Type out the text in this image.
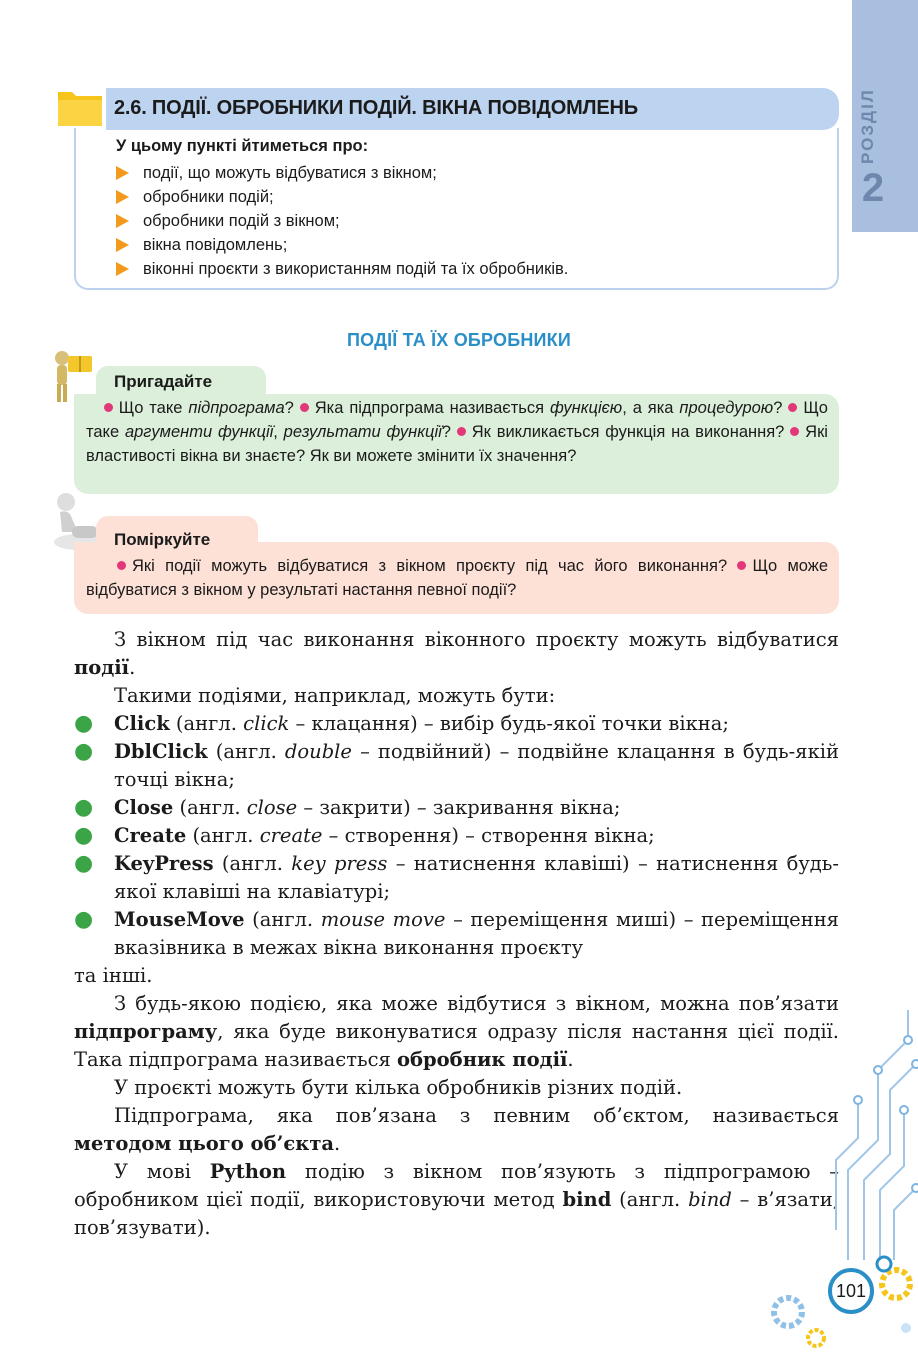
РОЗДІЛ
2
2.6. ПОДІЇ. ОБРОБНИКИ ПОДІЙ. ВІКНА ПОВІДОМЛЕНЬ
У цьому пункті йтиметься про:
події, що можуть відбуватися з вікном;
обробники подій;
обробники подій з вікном;
вікна повідомлень;
віконні проєкти з використанням подій та їх обробників.
ПОДІЇ ТА ЇХ ОБРОБНИКИ
Пригадайте
Що таке підпрограма? Яка підпрограма називається функцією, а яка процедурою? Що таке аргументи функції, результати функції? Як викликається функція на виконання? Які властивості вікна ви знаєте? Як ви можете змінити їх значення?
Поміркуйте
Які події можуть відбуватися з вікном проєкту під час його виконання? Що може відбуватися з вікном у результаті настання певної події?
З вікном під час виконання віконного проєкту можуть відбуватися події.
Такими подіями, наприклад, можуть бути:
●	Click (англ. click – клацання) – вибір будь-якої точки вікна;
●	DblClick (англ. double – подвійний) – подвійне клацання в будь-якій точці вікна;
●	Close (англ. close – закрити) – закривання вікна;
●	Create (англ. create – створення) – створення вікна;
●	KeyPress (англ. key press – натиснення клавіші) – натиснення будь-якої клавіші на клавіатурі;
●	MouseMove (англ. mouse move – переміщення миші) – переміщення вказівника в межах вікна виконання проєкту
та інші.
З будь-якою подією, яка може відбутися з вікном, можна пов’язати підпрограму, яка буде виконуватися одразу після настання цієї події. Така підпрограма називається обробник події.
У проєкті можуть бути кілька обробників різних подій.
Підпрограма, яка пов’язана з певним об’єктом, називається методом цього об’єкта.
У мові Python подію з вікном пов’язують з підпрограмою – обробником цієї події, використовуючи метод bind (англ. bind – в’язати, пов’язувати).
101
